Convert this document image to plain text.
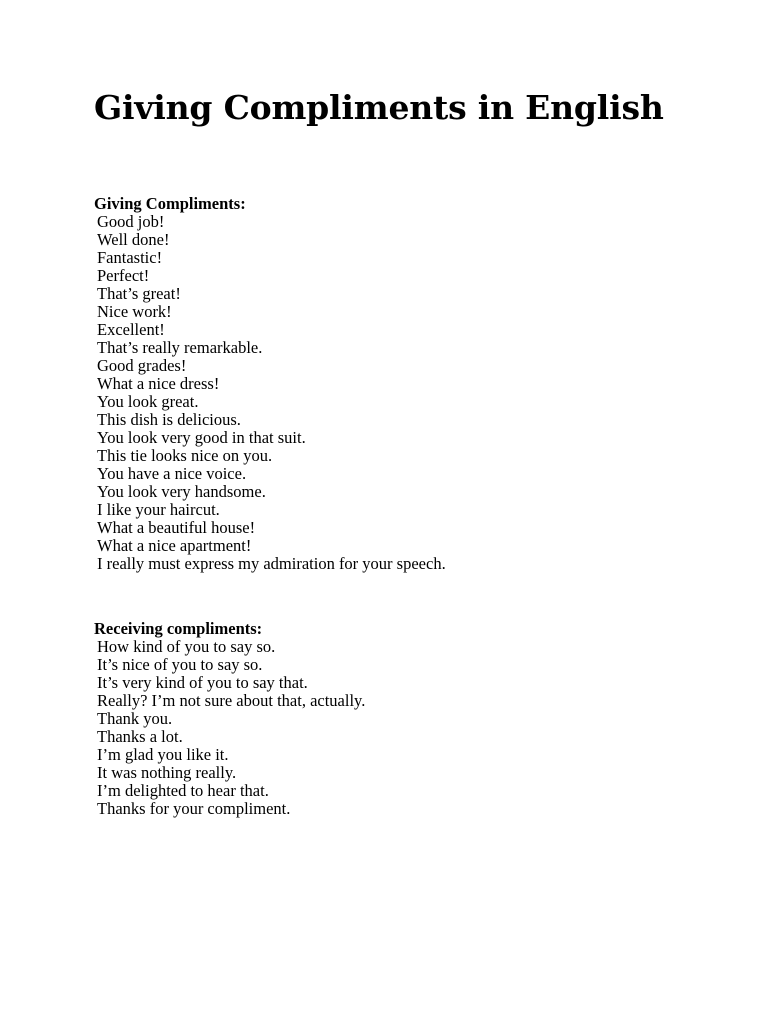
Giving Compliments in English
Giving Compliments:
Good job!
Well done!
Fantastic!
Perfect!
That’s great!
Nice work!
Excellent!
That’s really remarkable.
Good grades!
What a nice dress!
You look great.
This dish is delicious.
You look very good in that suit.
This tie looks nice on you.
You have a nice voice.
You look very handsome.
I like your haircut.
What a beautiful house!
What a nice apartment!
I really must express my admiration for your speech.
Receiving compliments:
How kind of you to say so.
It’s nice of you to say so.
It’s very kind of you to say that.
Really? I’m not sure about that, actually.
Thank you.
Thanks a lot.
I’m glad you like it.
It was nothing really.
I’m delighted to hear that.
Thanks for your compliment.
